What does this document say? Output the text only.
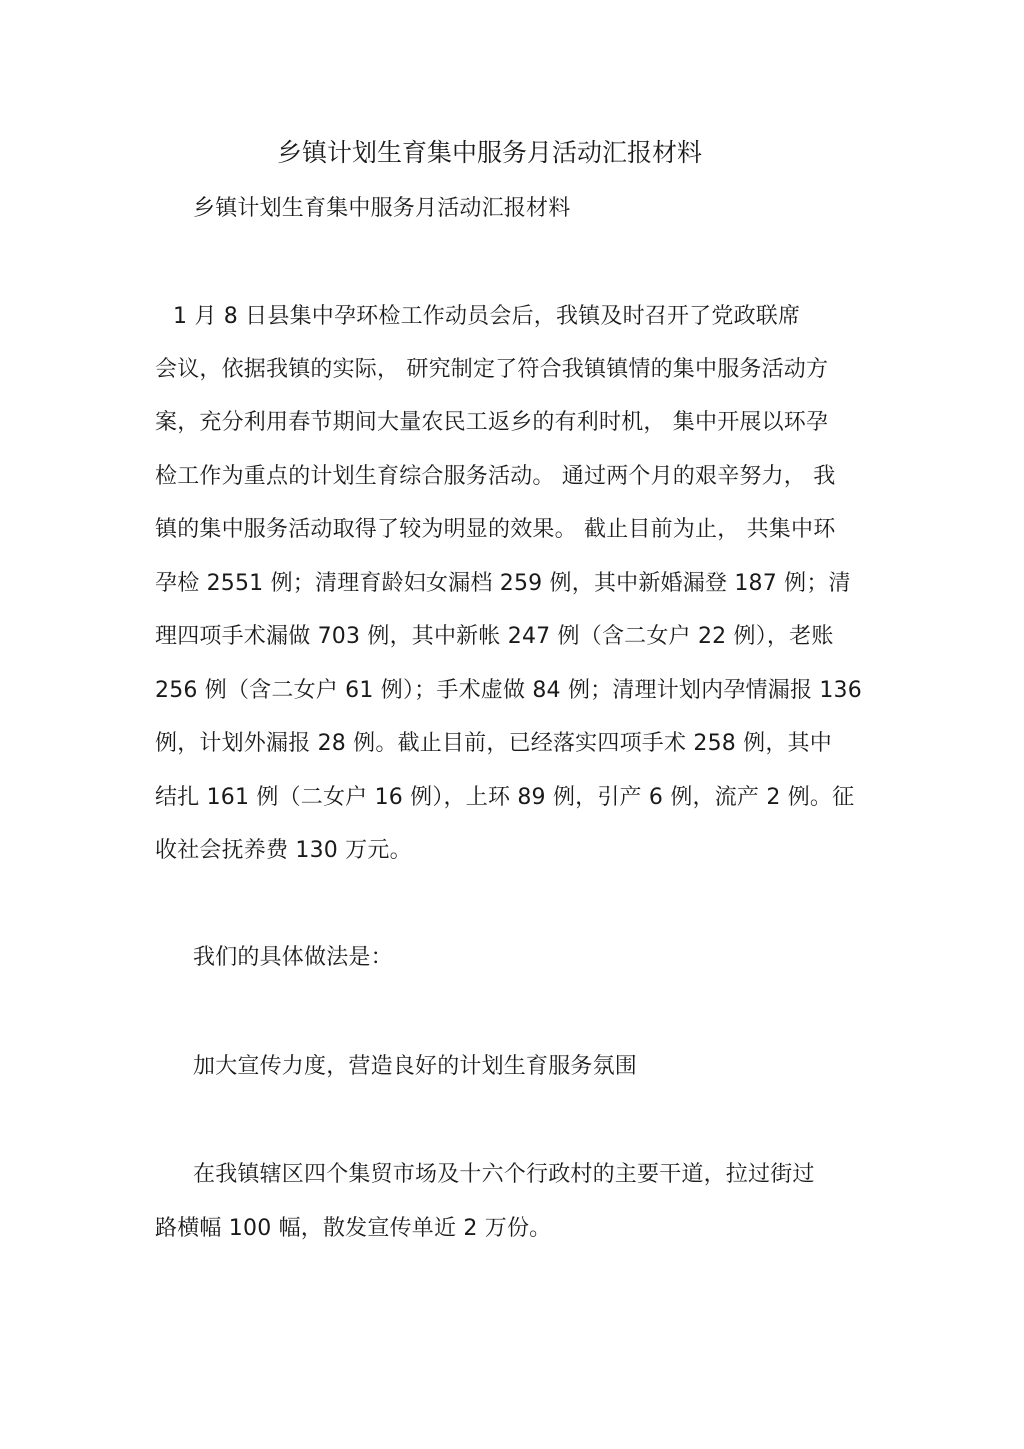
乡镇计划生育集中服务月活动汇报材料
乡镇计划生育集中服务月活动汇报材料
1 月 8 日县集中孕环检工作动员会后，我镇及时召开了党政联席
会议，依据我镇的实际， 研究制定了符合我镇镇情的集中服务活动方
案，充分利用春节期间大量农民工返乡的有利时机， 集中开展以环孕
检工作为重点的计划生育综合服务活动。 通过两个月的艰辛努力， 我
镇的集中服务活动取得了较为明显的效果。 截止目前为止， 共集中环
孕检 2551 例；清理育龄妇女漏档 259 例，其中新婚漏登 187 例；清
理四项手术漏做 703 例，其中新帐 247 例（含二女户 22 例），老账
256 例（含二女户 61 例）；手术虚做 84 例；清理计划内孕情漏报 136
例，计划外漏报 28 例。截止目前，已经落实四项手术 258 例，其中
结扎 161 例（二女户 16 例），上环 89 例，引产 6 例，流产 2 例。征
收社会抚养费 130 万元。
我们的具体做法是：
加大宣传力度，营造良好的计划生育服务氛围
在我镇辖区四个集贸市场及十六个行政村的主要干道，拉过街过
路横幅 100 幅，散发宣传单近 2 万份。
